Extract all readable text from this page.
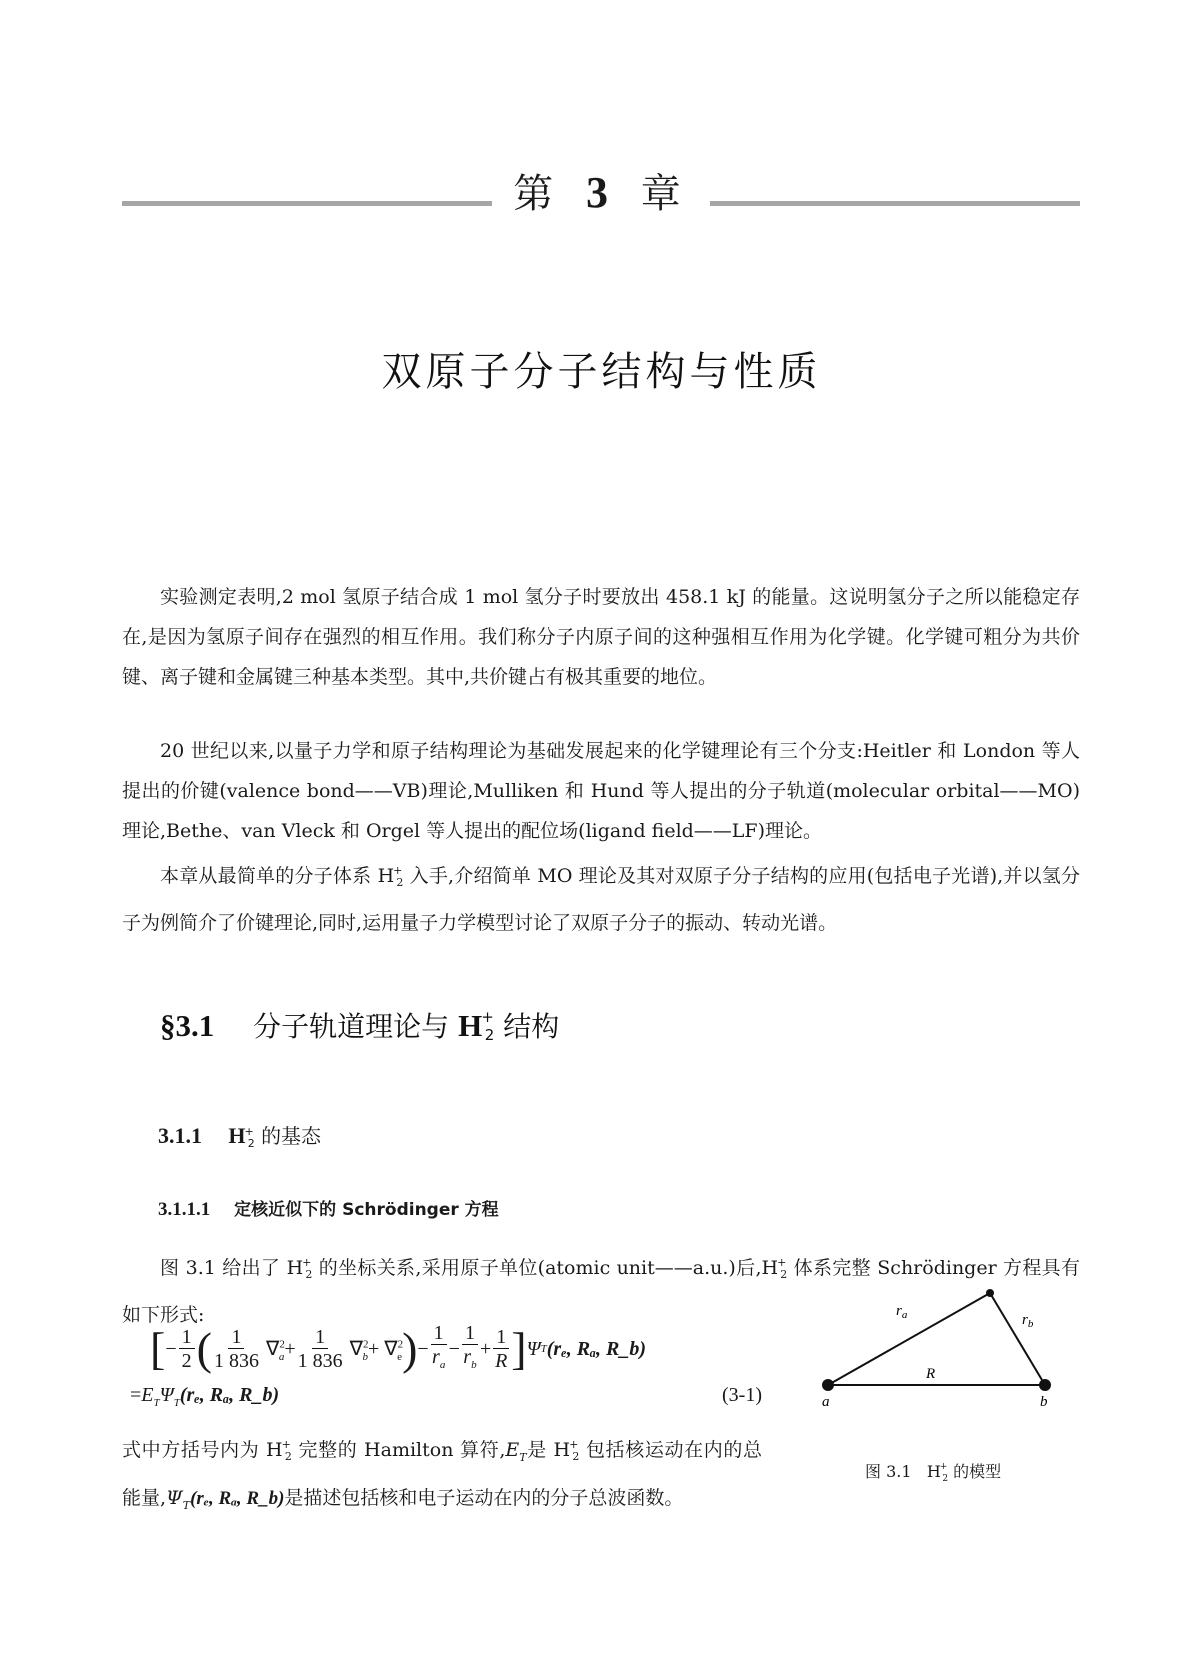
第 3 章
双原子分子结构与性质

实验测定表明,2 mol 氢原子结合成 1 mol 氢分子时要放出 458.1 kJ 的能量。这说明氢分子之所以能稳定存在,是因为氢原子间存在强烈的相互作用。我们称分子内原子间的这种强相互作用为化学键。化学键可粗分为共价键、离子键和金属键三种基本类型。其中,共价键占有极其重要的地位。

20 世纪以来,以量子力学和原子结构理论为基础发展起来的化学键理论有三个分支:Heitler 和 London 等人提出的价键(valence bond——VB)理论,Mulliken 和 Hund 等人提出的分子轨道(molecular orbital——MO)理论,Bethe、van Vleck 和 Orgel 等人提出的配位场(ligand field——LF)理论。

本章从最简单的分子体系 $H^+_2$ 入手,介绍简单 MO 理论及其对双原子分子结构的应用(包括电子光谱),并以氢分子为例简介了价键理论,同时,运用量子力学模型讨论了双原子分子的振动、转动光谱。

§3.1 分子轨道理论与 $H^+_2$ 结构
3.1.1 $H^+_2$ 的基态
3.1.1.1 定核近似下的 Schrödinger 方程

图 3.1 给出了 $H^+_2$ 的坐标关系,采用原子单位(atomic unit——a.u.)后$,H^+_2$ 体系完整 Schrödinger 方程具有如下形式:

[ − $\frac{1}{2}$ ( $\frac{1}{1 836} \nabla^2_a+ \frac{1}{1 836} \nabla^2_b+ \nabla^2_e$ ) − $\frac{1}{r_a} - \frac{1}{r_b} + \frac{1}{R}$ ] Ψ T (rₑ, Rₐ, R_b)
$=E_T\Psi_T(r_e$, Rₐ, R_b)	(3-1)

式中方括号内为 $H^+_2$ 完整的 Hamilton 算符$,E_T$是 $H^+_2$ 包括核运动在内的总能量$,\Psi_T(r_e$, Rₐ, R_b)是描述包括核和电子运动在内的分子总波函数。

$r_a$	$r_b$
R
a	b
图 3.1 $H^+_2$ 的模型
